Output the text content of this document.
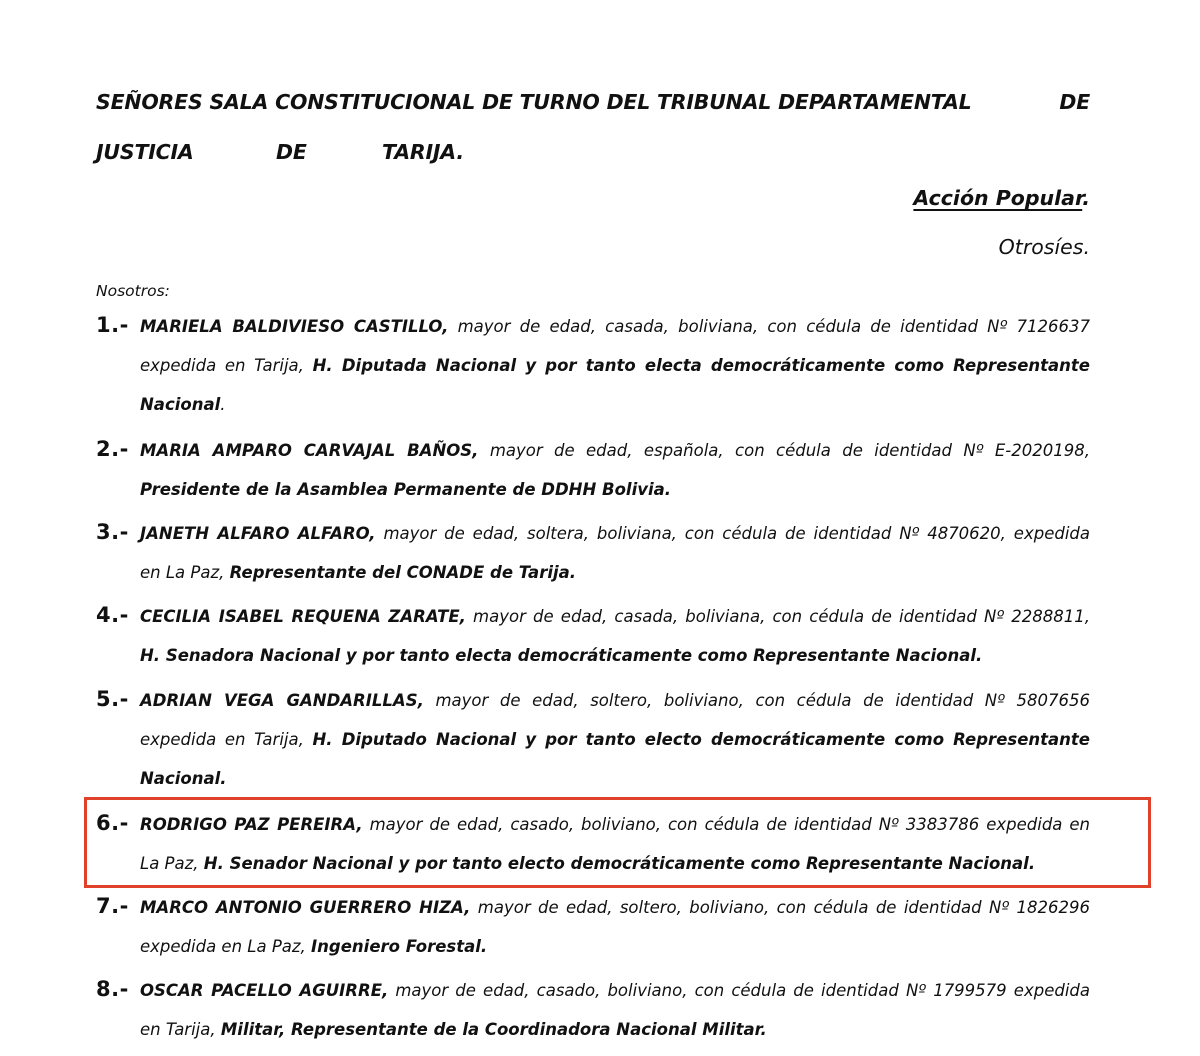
SEÑORES SALA CONSTITUCIONAL DE TURNO DEL TRIBUNAL DEPARTAMENTAL	DE
JUSTICIA	DE	TARIJA.
Acción Popular.
Otrosíes.
Nosotros:
1.- MARIELA BALDIVIESO CASTILLO, mayor de edad, casada, boliviana, con cédula de identidad Nº 7126637
expedida en Tarija, H. Diputada Nacional y por tanto electa democráticamente como Representante
Nacional.
2.- MARIA AMPARO CARVAJAL BAÑOS, mayor de edad, española, con cédula de identidad Nº E-2020198,
Presidente de la Asamblea Permanente de DDHH Bolivia.
3.- JANETH ALFARO ALFARO, mayor de edad, soltera, boliviana, con cédula de identidad Nº 4870620, expedida
en La Paz, Representante del CONADE de Tarija.
4.- CECILIA ISABEL REQUENA ZARATE, mayor de edad, casada, boliviana, con cédula de identidad Nº 2288811,
H. Senadora Nacional y por tanto electa democráticamente como Representante Nacional.
5.- ADRIAN VEGA GANDARILLAS, mayor de edad, soltero, boliviano, con cédula de identidad Nº 5807656
expedida en Tarija, H. Diputado Nacional y por tanto electo democráticamente como Representante
Nacional.
6.- RODRIGO PAZ PEREIRA, mayor de edad, casado, boliviano, con cédula de identidad Nº 3383786 expedida en
La Paz, H. Senador Nacional y por tanto electo democráticamente como Representante Nacional.
7.- MARCO ANTONIO GUERRERO HIZA, mayor de edad, soltero, boliviano, con cédula de identidad Nº 1826296
expedida en La Paz, Ingeniero Forestal.
8.- OSCAR PACELLO AGUIRRE, mayor de edad, casado, boliviano, con cédula de identidad Nº 1799579 expedida
en Tarija, Militar, Representante de la Coordinadora Nacional Militar.
